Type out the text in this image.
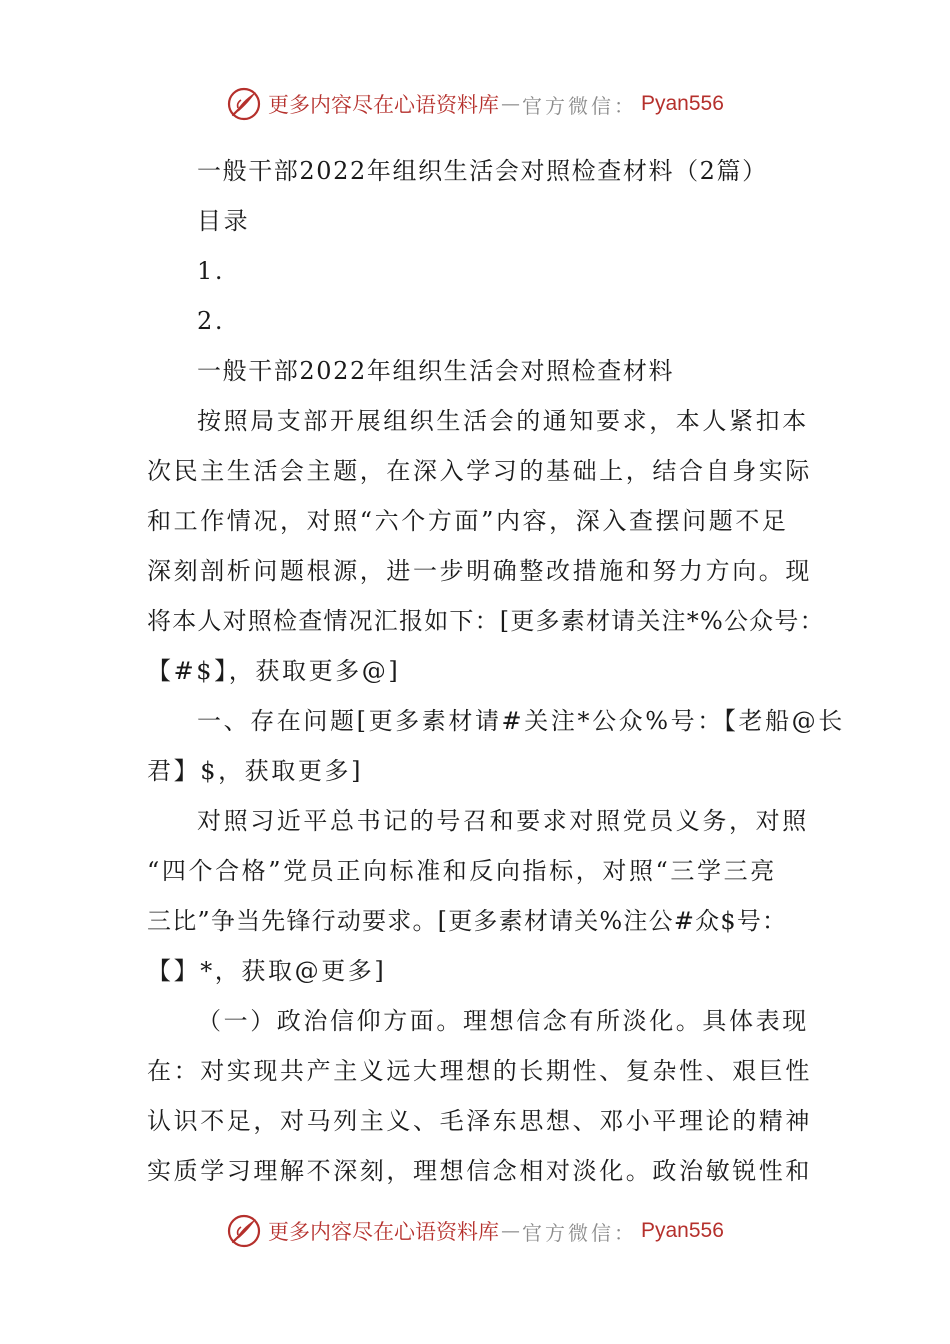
更多内容尽在心语资料库 — 官方微信： Pyan556
一般干部2022年组织生活会对照检查材料（2篇）
目录
1.
2.
一般干部2022年组织生活会对照检查材料
按照局支部开展组织生活会的通知要求，本人紧扣本
次民主生活会主题，在深入学习的基础上，结合自身实际
和工作情况，对照“六个方面”内容，深入查摆问题不足
深刻剖析问题根源，进一步明确整改措施和努力方向。现
将本人对照检查情况汇报如下：[更多素材请关注*%公众号：
【#$】，获取更多@]
一、存在问题[更多素材请#关注*公众%号：【老船@长
君】$，获取更多]
对照习近平总书记的号召和要求对照党员义务，对照
“四个合格”党员正向标准和反向指标，对照“三学三亮
三比”争当先锋行动要求。[更多素材请关%注公#众$号：
【】*，获取@更多]
（一）政治信仰方面。理想信念有所淡化。具体表现
在：对实现共产主义远大理想的长期性、复杂性、艰巨性
认识不足，对马列主义、毛泽东思想、邓小平理论的精神
实质学习理解不深刻，理想信念相对淡化。政治敏锐性和
更多内容尽在心语资料库 — 官方微信： Pyan556
